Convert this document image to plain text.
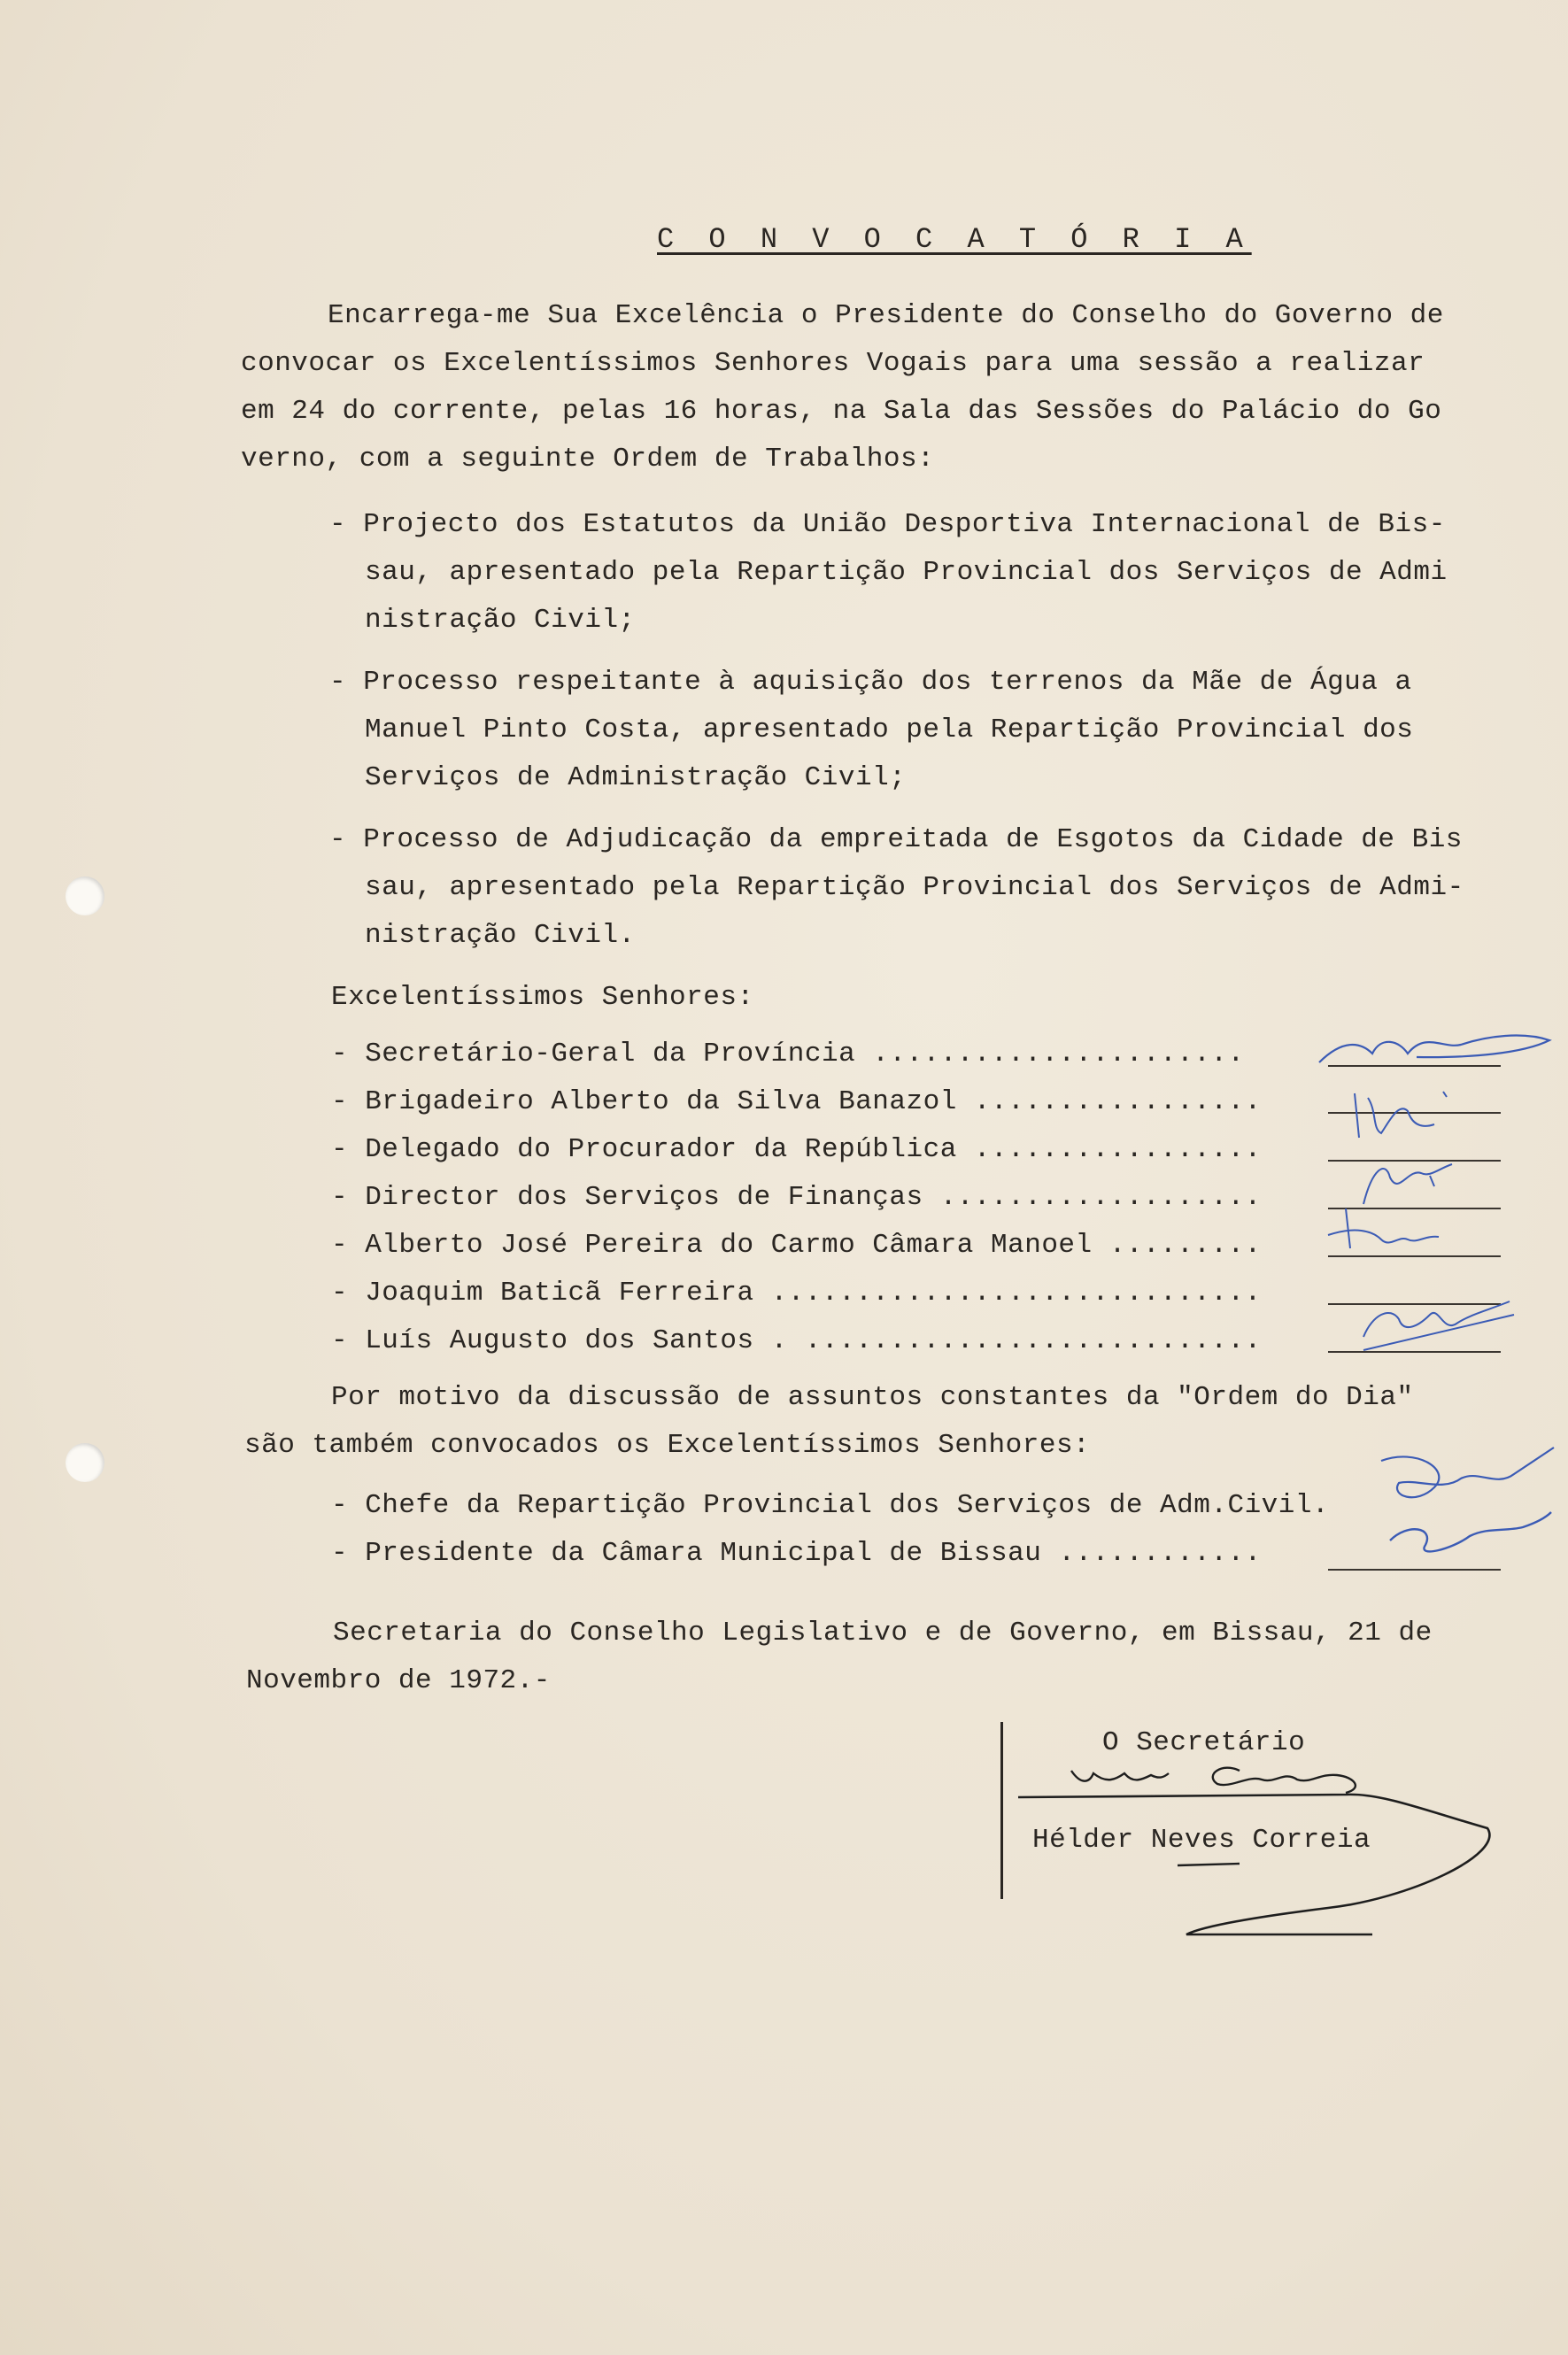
C O N V O C A T Ó R I A
Encarrega-me Sua Excelência o Presidente do Conselho do Governo de
convocar os Excelentíssimos Senhores Vogais para uma sessão a realizar
em 24 do corrente, pelas 16 horas, na Sala das Sessões do Palácio do Go
verno, com a seguinte Ordem de Trabalhos:
- Projecto dos Estatutos da União Desportiva Internacional de Bis-
sau, apresentado pela Repartição Provincial dos Serviços de Admi
nistração Civil;
- Processo respeitante à aquisição dos terrenos da Mãe de Água a
Manuel Pinto Costa, apresentado pela Repartição Provincial dos
Serviços de Administração Civil;
- Processo de Adjudicação da empreitada de Esgotos da Cidade de Bis
sau, apresentado pela Repartição Provincial dos Serviços de Admi-
nistração Civil.
Excelentíssimos Senhores:
- Secretário-Geral da Província ......................
- Brigadeiro Alberto da Silva Banazol .................
- Delegado do Procurador da República .................
- Director dos Serviços de Finanças ...................
- Alberto José Pereira do Carmo Câmara Manoel .........
- Joaquim Baticã Ferreira .............................
- Luís Augusto dos Santos . ...........................
Por motivo da discussão de assuntos constantes da "Ordem do Dia"
são também convocados os Excelentíssimos Senhores:
- Chefe da Repartição Provincial dos Serviços de Adm.Civil.
- Presidente da Câmara Municipal de Bissau ............
Secretaria do Conselho Legislativo e de Governo, em Bissau, 21 de
Novembro de 1972.-
O Secretário
Hélder Neves Correia
